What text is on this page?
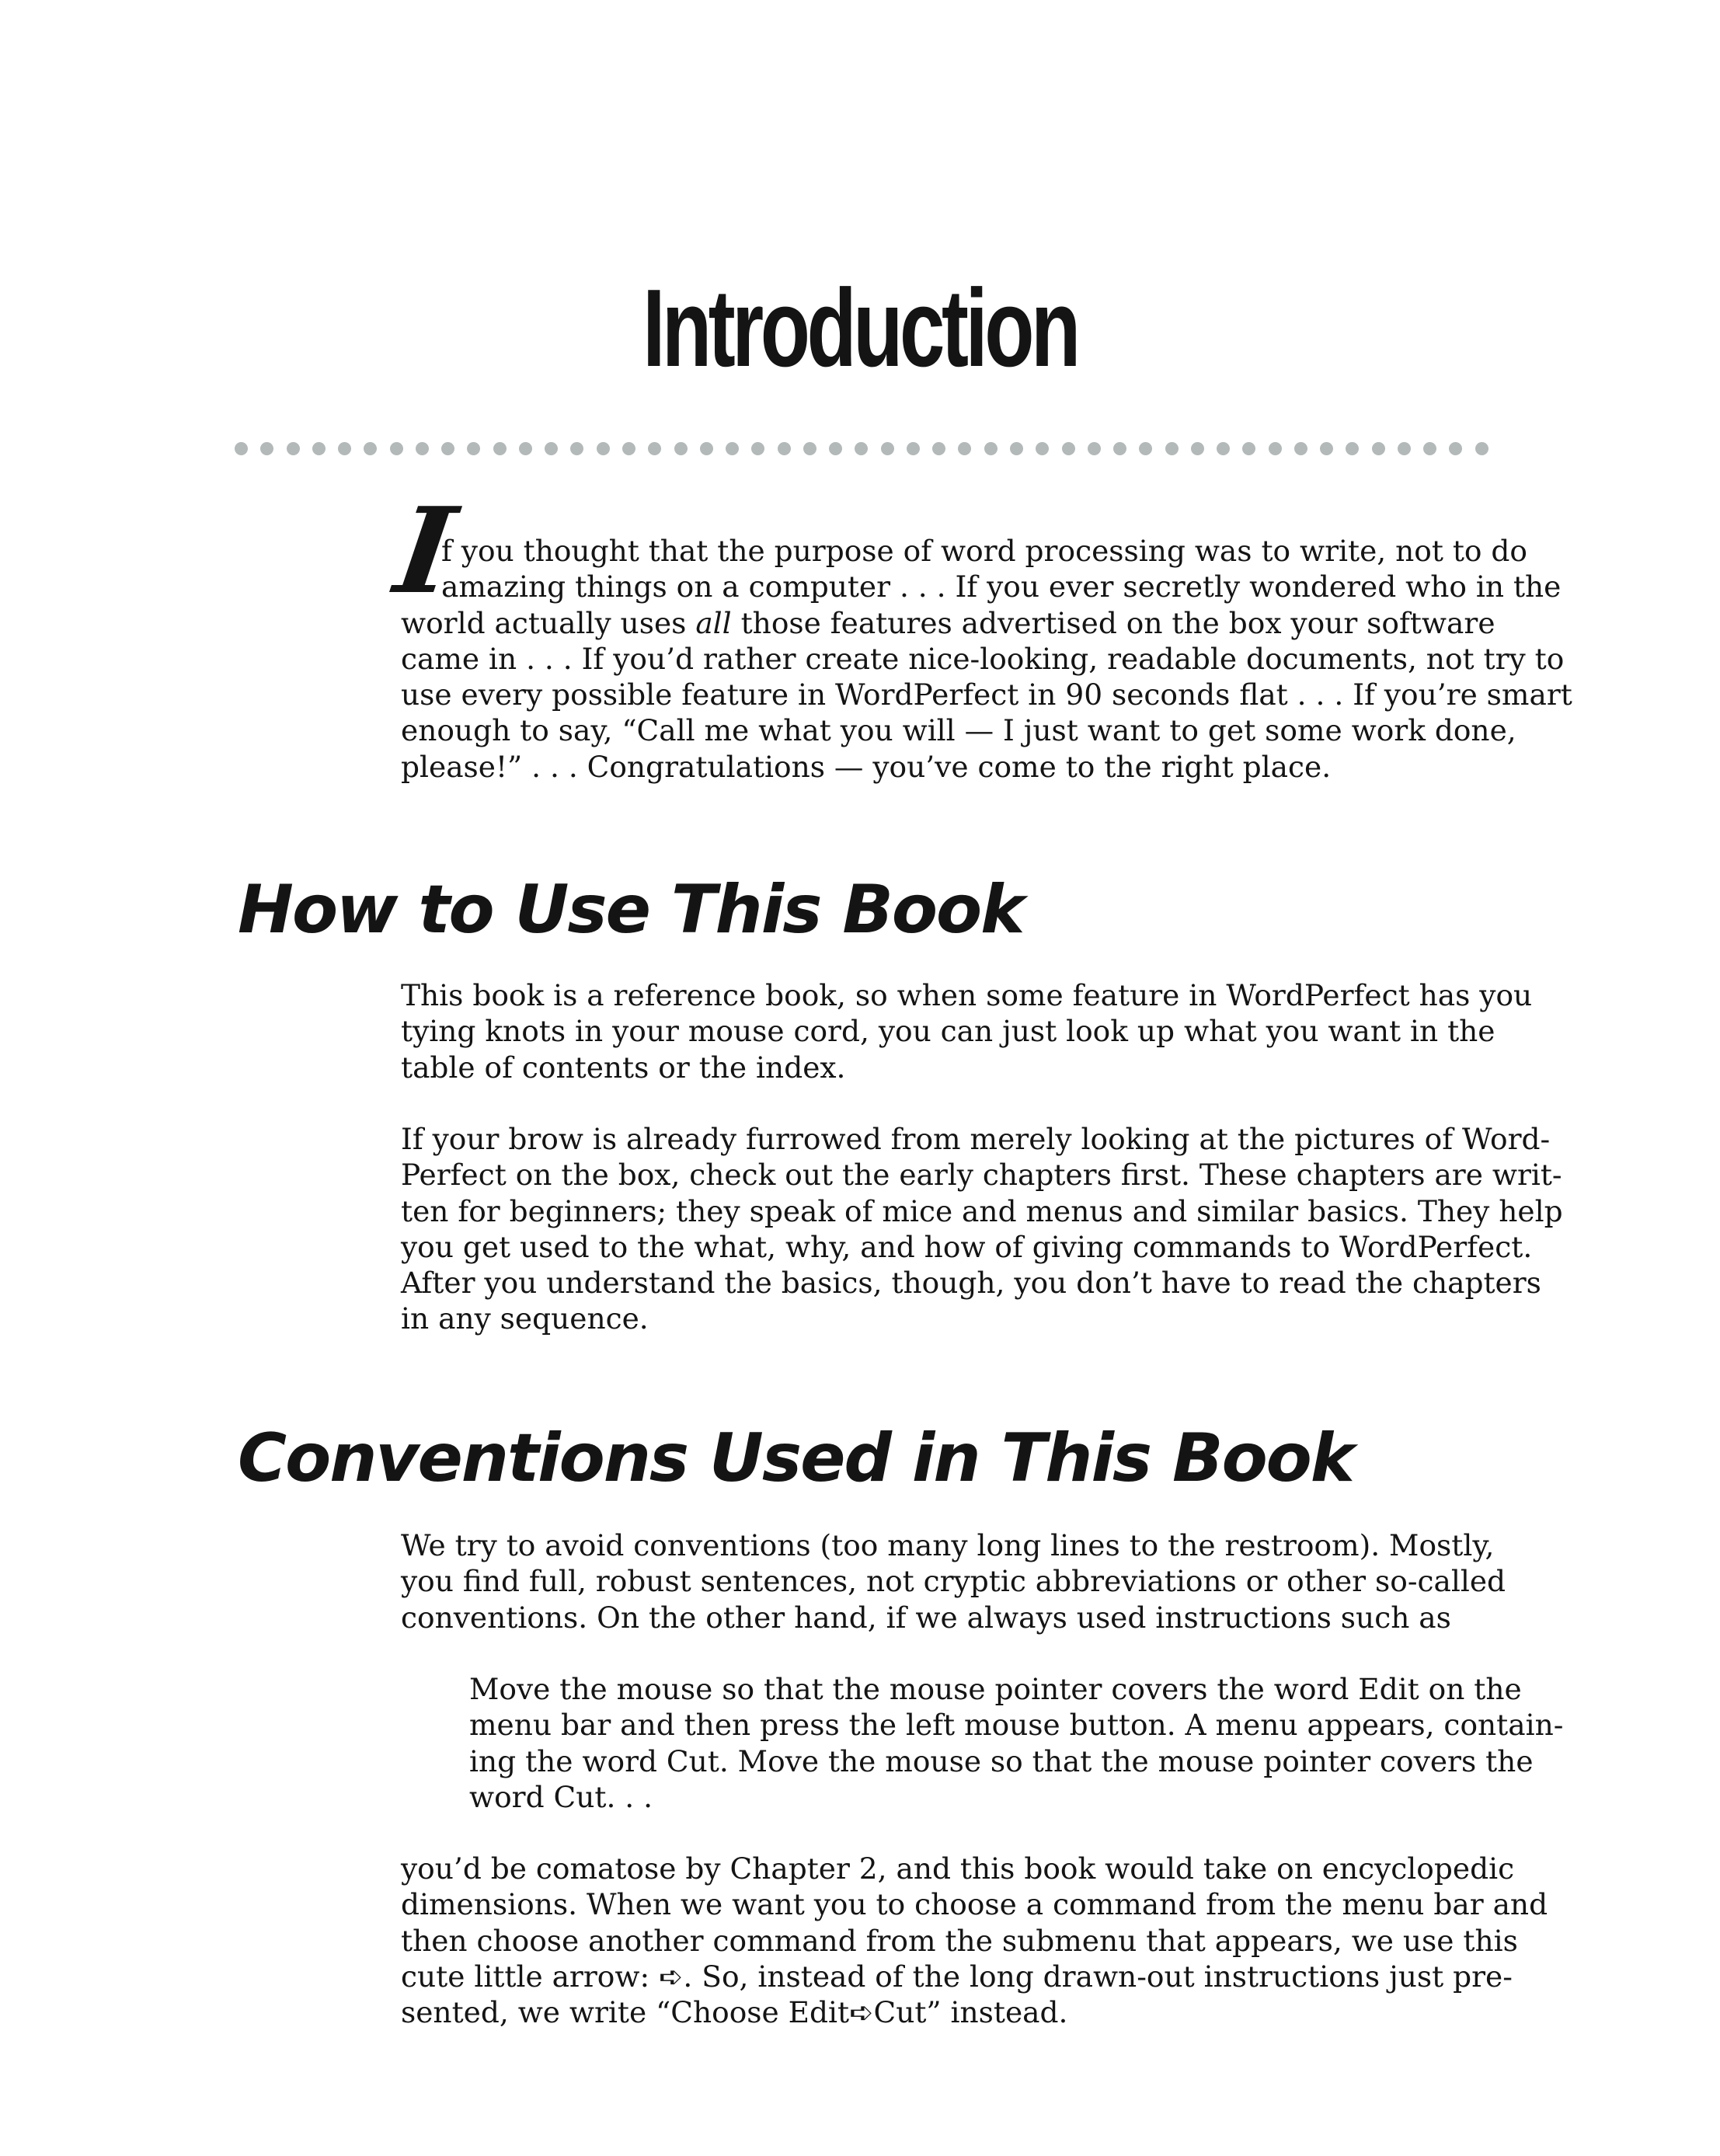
Introduction
I
f you thought that the purpose of word processing was to write, not to do
amazing things on a computer . . . If you ever secretly wondered who in the
world actually uses all those features advertised on the box your software
came in . . . If you’d rather create nice-looking, readable documents, not try to
use every possible feature in WordPerfect in 90 seconds flat . . . If you’re smart
enough to say, “Call me what you will — I just want to get some work done,
please!” . . . Congratulations — you’ve come to the right place.
How to Use This Book
This book is a reference book, so when some feature in WordPerfect has you
tying knots in your mouse cord, you can just look up what you want in the
table of contents or the index.
If your brow is already furrowed from merely looking at the pictures of Word-
Perfect on the box, check out the early chapters first. These chapters are writ-
ten for beginners; they speak of mice and menus and similar basics. They help
you get used to the what, why, and how of giving commands to WordPerfect.
After you understand the basics, though, you don’t have to read the chapters
in any sequence.
Conventions Used in This Book
We try to avoid conventions (too many long lines to the restroom). Mostly,
you find full, robust sentences, not cryptic abbreviations or other so-called
conventions. On the other hand, if we always used instructions such as
Move the mouse so that the mouse pointer covers the word Edit on the
menu bar and then press the left mouse button. A menu appears, contain-
ing the word Cut. Move the mouse so that the mouse pointer covers the
word Cut. . .
you’d be comatose by Chapter 2, and this book would take on encyclopedic
dimensions. When we want you to choose a command from the menu bar and
then choose another command from the submenu that appears, we use this
cute little arrow: ➪. So, instead of the long drawn-out instructions just pre-
sented, we write “Choose Edit➪Cut” instead.
